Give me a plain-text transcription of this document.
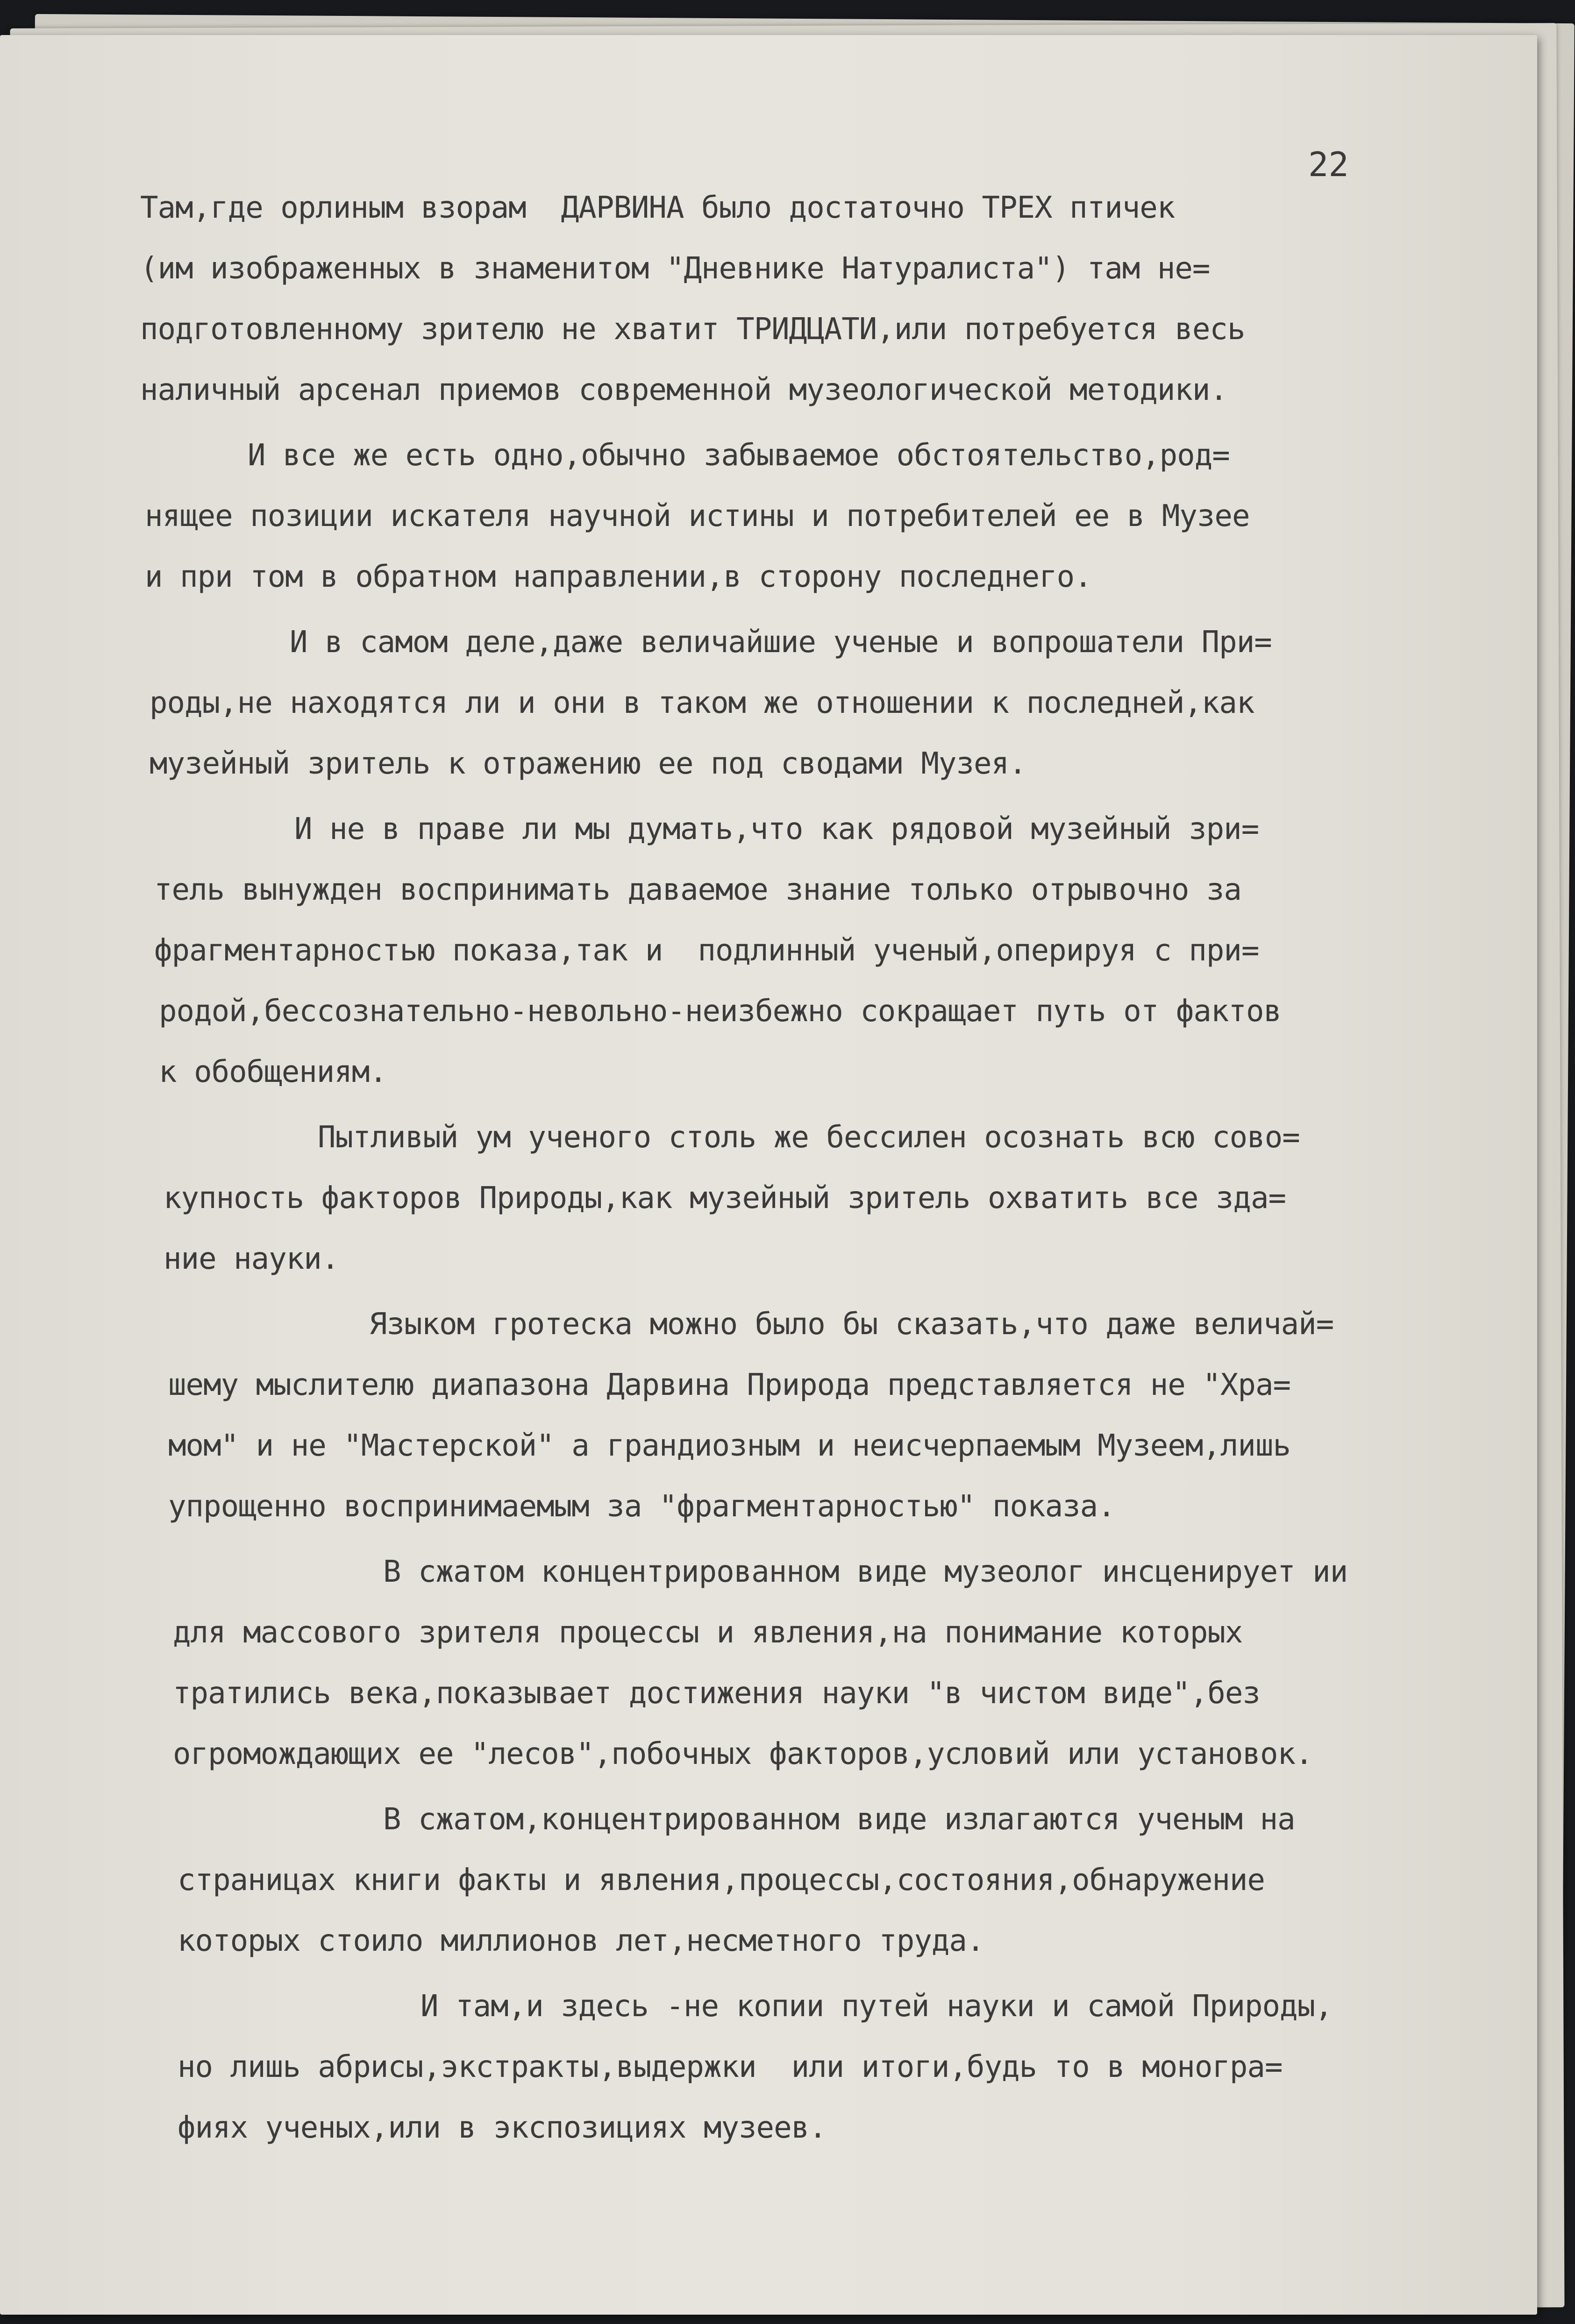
22
Там,где орлиным взорам  ДАРВИНА было достаточно ТРЕХ птичек
(им изображенных в знаменитом "Дневнике Натуралиста") там не=
подготовленному зрителю не хватит ТРИДЦАТИ,или потребуется весь
наличный арсенал приемов современной музеологической методики.
И все же есть одно,обычно забываемое обстоятельство,род=
нящее позиции искателя научной истины и потребителей ее в Музее
и при том в обратном направлении,в сторону последнего.
И в самом деле,даже величайшие ученые и вопрошатели При=
роды,не находятся ли и они в таком же отношении к последней,как
музейный зритель к отражению ее под сводами Музея.
И не в праве ли мы думать,что как рядовой музейный зри=
тель вынужден воспринимать даваемое знание только отрывочно за
фрагментарностью показа,так и  подлинный ученый,оперируя с при=
родой,бессознательно-невольно-неизбежно сокращает путь от фактов
к обобщениям.
Пытливый ум ученого столь же бессилен осознать всю сово=
купность факторов Природы,как музейный зритель охватить все зда=
ние науки.
Языком гротеска можно было бы сказать,что даже величай=
шему мыслителю диапазона Дарвина Природа представляется не "Хра=
мом" и не "Мастерской" а грандиозным и неисчерпаемым Музеем,лишь
упрощенно воспринимаемым за "фрагментарностью" показа.
В сжатом концентрированном виде музеолог инсценирует ии
для массового зрителя процессы и явления,на понимание которых
тратились века,показывает достижения науки "в чистом виде",без
огромождающих ее "лесов",побочных факторов,условий или установок.
В сжатом,концентрированном виде излагаются ученым на
страницах книги факты и явления,процессы,состояния,обнаружение
которых стоило миллионов лет,несметного труда.
И там,и здесь -не копии путей науки и самой Природы,
но лишь абрисы,экстракты,выдержки  или итоги,будь то в моногра=
фиях ученых,или в экспозициях музеев.
